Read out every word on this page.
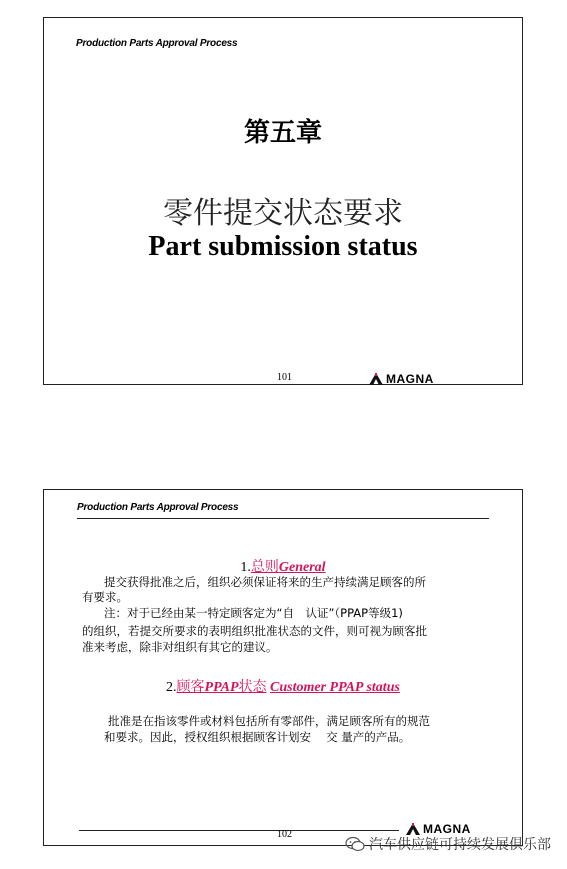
Production Parts Approval Process
第五章
零件提交状态要求
Part submission status
101	MAGNA
Production Parts Approval Process
1.总则General
提交获得批准之后，组织必须保证将来的生产持续满足顾客的所
有要求。
注：对于已经由某一特定顾客定为“自　认证”（PPAP等级1)
的组织，若提交所要求的表明组织批准状态的文件，则可视为顾客批
准来考虑，除非对组织有其它的建议。
2.顾客PPAP状态 Customer PPAP status
批准是在指该零件或材料包括所有零部件，满足顾客所有的规范
和要求。因此，授权组织根据顾客计划安　 交 量产的产品。
102	MAGNA
汽车供应链可持续发展俱乐部
